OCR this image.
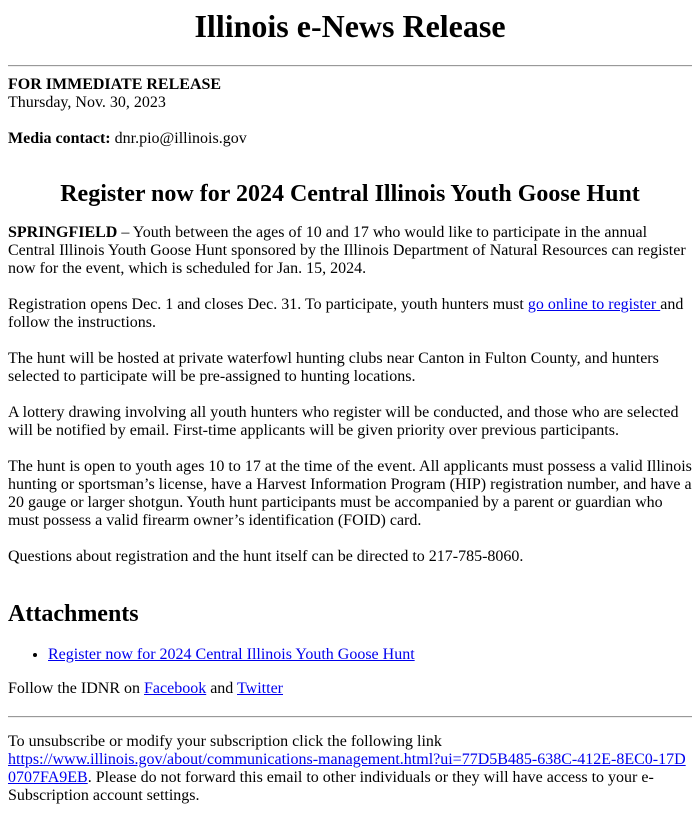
Illinois e-News Release
FOR IMMEDIATE RELEASE
Thursday, Nov. 30, 2023

Media contact: dnr.pio@illinois.gov

Register now for 2024 Central Illinois Youth Goose Hunt

SPRINGFIELD – Youth between the ages of 10 and 17 who would like to participate in the annual Central Illinois Youth Goose Hunt sponsored by the Illinois Department of Natural Resources can register now for the event, which is scheduled for Jan. 15, 2024.

Registration opens Dec. 1 and closes Dec. 31. To participate, youth hunters must go online to register and follow the instructions.

The hunt will be hosted at private waterfowl hunting clubs near Canton in Fulton County, and hunters selected to participate will be pre-assigned to hunting locations.

A lottery drawing involving all youth hunters who register will be conducted, and those who are selected will be notified by email. First-time applicants will be given priority over previous participants.

The hunt is open to youth ages 10 to 17 at the time of the event. All applicants must possess a valid Illinois hunting or sportsman’s license, have a Harvest Information Program (HIP) registration number, and have a 20 gauge or larger shotgun. Youth hunt participants must be accompanied by a parent or guardian who must possess a valid firearm owner’s identification (FOID) card.

Questions about registration and the hunt itself can be directed to 217-785-8060.

Attachments
• Register now for 2024 Central Illinois Youth Goose Hunt

Follow the IDNR on Facebook and Twitter

To unsubscribe or modify your subscription click the following link
https://www.illinois.gov/about/communications-management.html?ui=77D5B485-638C-412E-8EC0-17D0707FA9EB. Please do not forward this email to other individuals or they will have access to your e-Subscription account settings.
